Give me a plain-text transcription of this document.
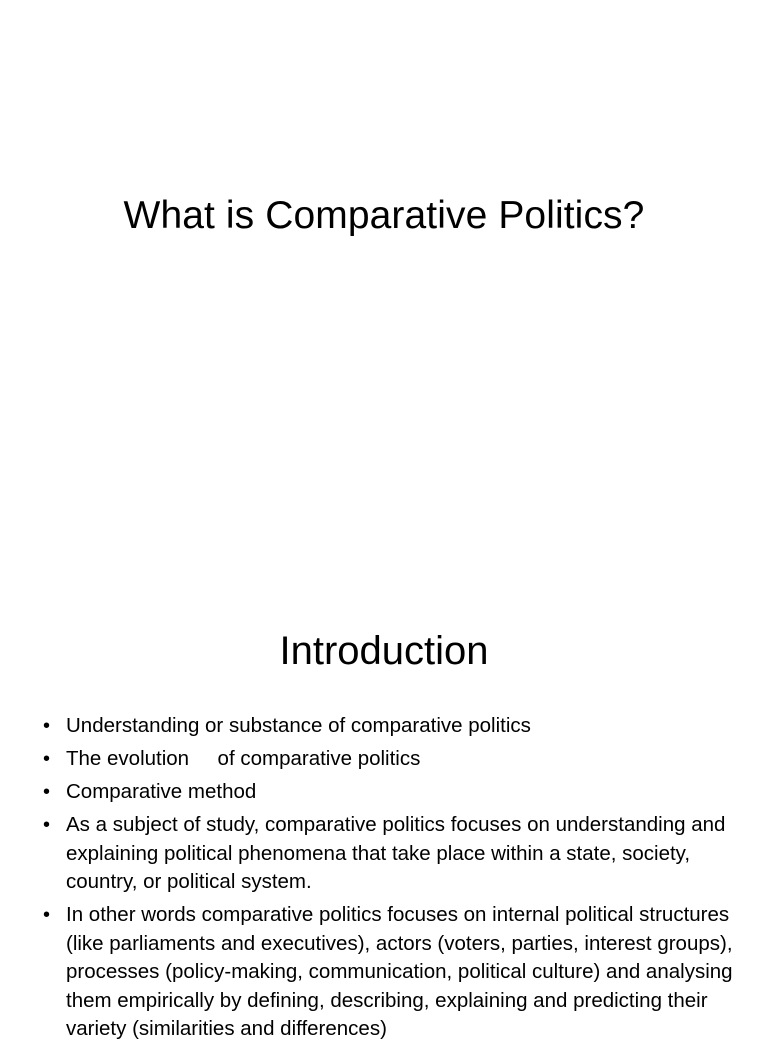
What is Comparative Politics?
Introduction
• Understanding or substance of comparative politics
• The evolution     of comparative politics
• Comparative method
• As a subject of study, comparative politics focuses on understanding and explaining political phenomena that take place within a state, society, country, or political system.
• In other words comparative politics focuses on internal political structures (like parliaments and executives), actors (voters, parties, interest groups), processes (policy-making, communication, political culture) and analysing them empirically by defining, describing, explaining and predicting their variety (similarities and differences)
